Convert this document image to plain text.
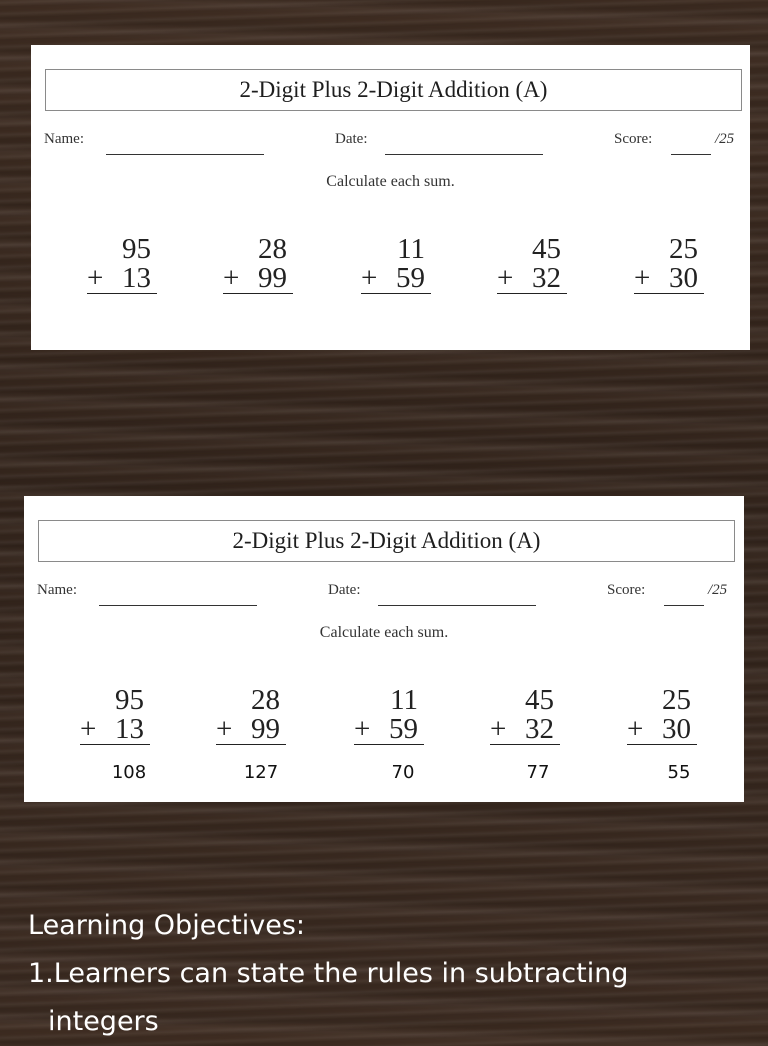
2-Digit Plus 2-Digit Addition (A)
Name:	Date:	Score:	/25
Calculate each sum.
95
+ 13
28
+ 99
11
+ 59
45
+ 32
25
+ 30
2-Digit Plus 2-Digit Addition (A)
Name:	Date:	Score:	/25
Calculate each sum.
95
+ 13
28
+ 99
11
+ 59
45
+ 32
25
+ 30
108	127	70	77	55
Learning Objectives:
1.Learners can state the rules in subtracting
integers
